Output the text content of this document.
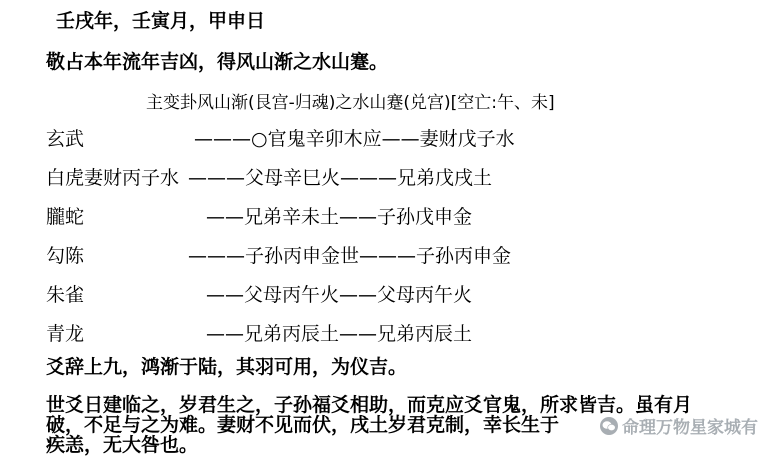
壬戌年，壬寅月，甲申日
敬占本年流年吉凶，得风山渐之水山蹇。
主变卦风山渐(艮宫-归魂)之水山蹇(兑宫)[空亡:午、未]
玄武	———○官鬼辛卯木应——妻财戊子水
白虎妻财丙子水 ———父母辛巳火———兄弟戊戌土
朧蛇	——兄弟辛未土——子孙戊申金
勾陈	———子孙丙申金世———子孙丙申金
朱雀	——父母丙午火——父母丙午火
青龙	——兄弟丙辰土——兄弟丙辰土
爻辞上九，鸿渐于陆，其羽可用，为仪吉。
世爻日建临之，岁君生之，子孙福爻相助，而克应爻官鬼，所求皆吉。虽有月
破，不足与之为难。妻财不见而伏，戌土岁君克制，幸长生于
疾恙，无大咎也。
命理万物星家城有
